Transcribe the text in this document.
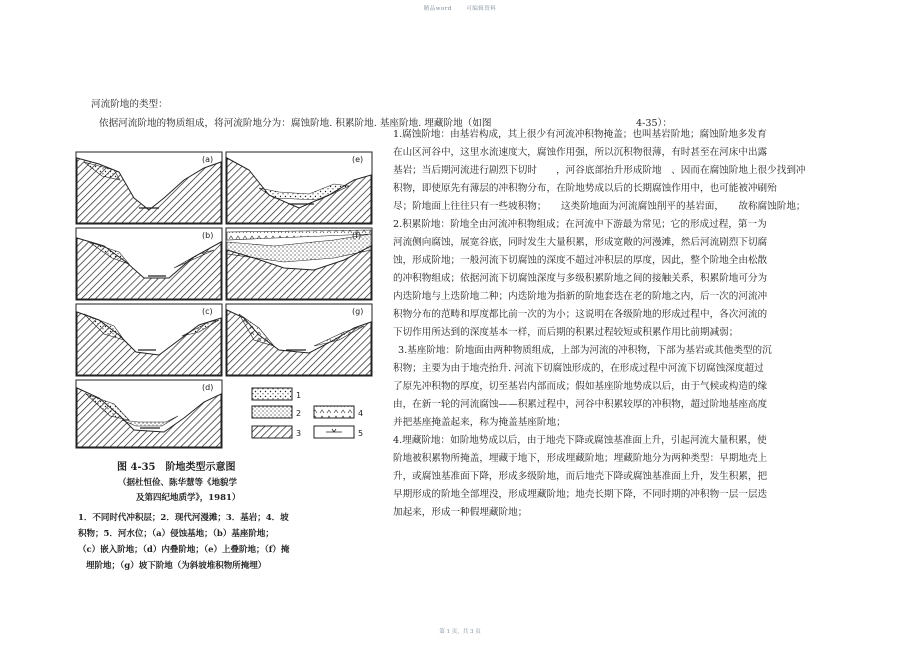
精品word	可编辑资料
河流阶地的类型：
依据河流阶地的物质组成，将河流阶地分为：腐蚀阶地. 积累阶地. 基座阶地. 埋藏阶地（如图	4-35）：
1.腐蚀阶地：由基岩构成，其上很少有河流冲积物掩盖；也叫基岩阶地；腐蚀阶地多发育
在山区河谷中，这里水流速度大，腐蚀作用强，所以沉积物很薄，有时甚至在河床中出露
基岩；当后期河流进行剧烈下切时　　，河谷底部抬升形成阶地　、因而在腐蚀阶地上很少找到冲
积物，即使原先有薄层的冲积物分布，在阶地势成以后的长期腐蚀作用中，也可能被冲刷殆
尽；阶地面上往往只有一些坡积物；　　这类阶地面为河流腐蚀削平的基岩面，　　故称腐蚀阶地；
2.积累阶地：阶地全由河流冲积物组成；在河流中下游最为常见；它的形成过程，第一为
河流侧向腐蚀，展宽谷底，同时发生大量积累，形成宽敞的河漫滩，然后河流剧烈下切腐
蚀，形成阶地；一般河流下切腐蚀的深度不超过冲积层的厚度，因此，整个阶地全由松散
的冲积物组成；依据河流下切腐蚀深度与多级积累阶地之间的接触关系，积累阶地可分为
内迭阶地与上迭阶地二种；内迭阶地为指新的阶地套迭在老的阶地之内，后一次的河流冲
积物分布的范畴和厚度都比前一次的为小；这说明在各级阶地的形成过程中，各次河流的
下切作用所达到的深度基本一样，而后期的积累过程较短或积累作用比前期减弱；
3.基座阶地：阶地面由两种物质组成，上部为河流的冲积物，下部为基岩或其他类型的沉
积物；主要为由于地壳抬升. 河流下切腐蚀形成的，在形成过程中河流下切腐蚀深度超过
了原先冲积物的厚度，切至基岩内部而成；假如基座阶地势成以后，由于气候或构造的缘
由，在新一轮的河流腐蚀——积累过程中，河谷中积累较厚的冲积物，超过阶地基座高度
并把基座掩盖起来，称为掩盖基座阶地；
4.埋藏阶地：如阶地势成以后，由于地壳下降或腐蚀基准面上升，引起河流大量积累，使
阶地被积累物所掩盖，埋藏于地下，形成埋藏阶地；埋藏阶地分为两种类型：早期地壳上
升，或腐蚀基准面下降，形成多级阶地，而后地壳下降或腐蚀基准面上升，发生积累，把
早期形成的阶地全部埋没，形成埋藏阶地；地壳长期下降，不同时期的冲积物一层一层迭
加起来，形成一种假埋藏阶地；
(a)
(b)
(c)
(d)
(e)
(f)
(g)
1
2
3
4
5
图 4-35　阶地类型示意图
（据杜恒俭、陈华慧等《地貌学
及第四纪地质学》，1981）
1．不同时代冲积层；2．现代河漫滩；3．基岩；4．坡
积物；5．河水位；（a）侵蚀基地；（b）基座阶地；
（c）嵌入阶地；（d）内叠阶地；（e）上叠阶地；（f）掩
埋阶地；（g）坡下阶地（为斜坡堆积物所掩埋）
第 1 页，共 3 页
